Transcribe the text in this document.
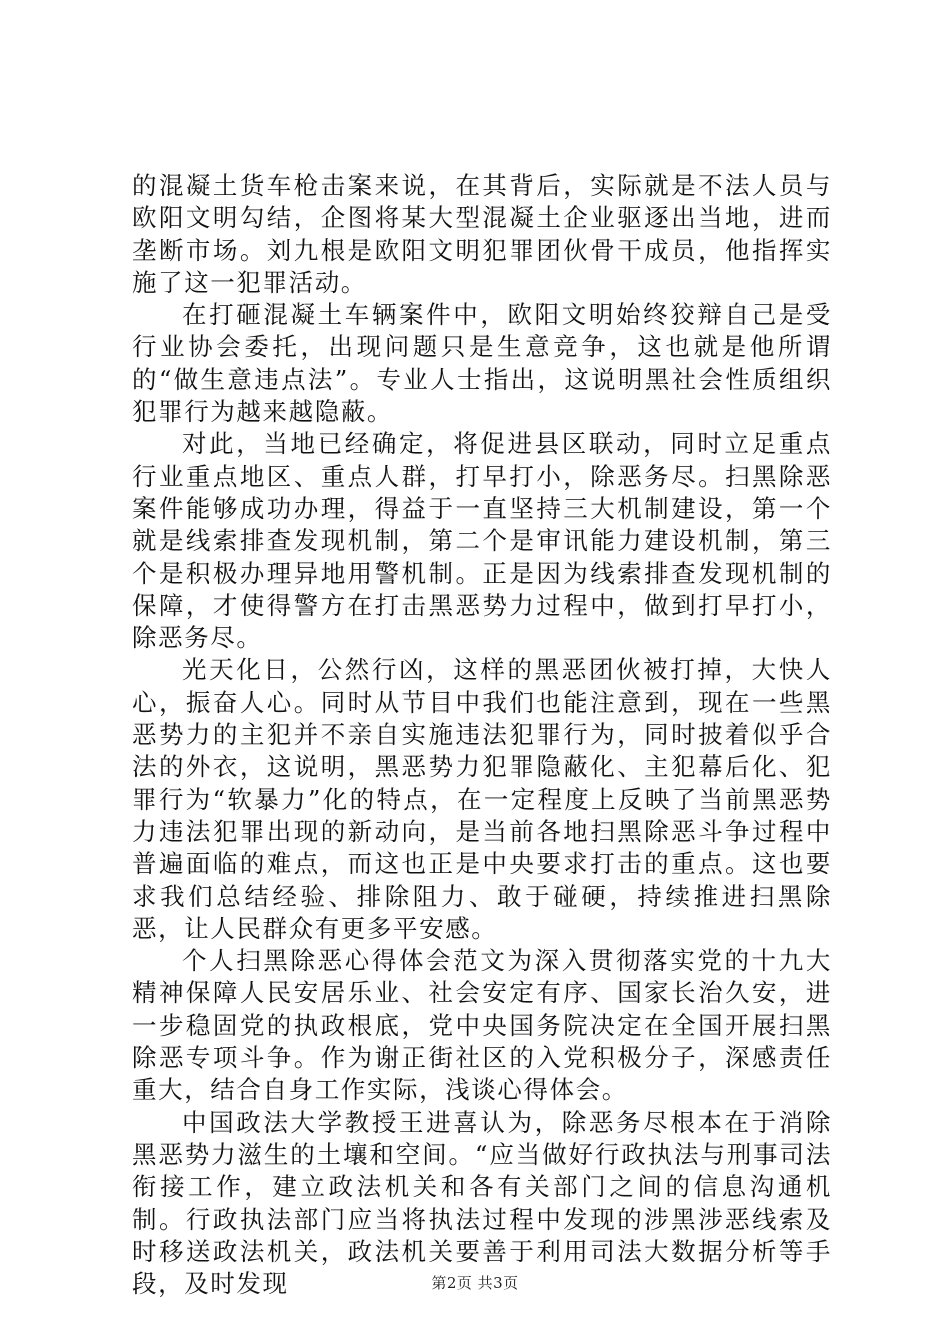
的混凝土货车枪击案来说，在其背后，实际就是不法人员与欧阳文明勾结，企图将某大型混凝土企业驱逐出当地，进而垄断市场。刘九根是欧阳文明犯罪团伙骨干成员，他指挥实施了这一犯罪活动。

在打砸混凝土车辆案件中，欧阳文明始终狡辩自己是受行业协会委托，出现问题只是生意竞争，这也就是他所谓的“做生意违点法”。专业人士指出，这说明黑社会性质组织犯罪行为越来越隐蔽。

对此，当地已经确定，将促进县区联动，同时立足重点行业重点地区、重点人群，打早打小，除恶务尽。扫黑除恶案件能够成功办理，得益于一直坚持三大机制建设，第一个就是线索排查发现机制，第二个是审讯能力建设机制，第三个是积极办理异地用警机制。正是因为线索排查发现机制的保障，才使得警方在打击黑恶势力过程中，做到打早打小，除恶务尽。

光天化日，公然行凶，这样的黑恶团伙被打掉，大快人心，振奋人心。同时从节目中我们也能注意到，现在一些黑恶势力的主犯并不亲自实施违法犯罪行为，同时披着似乎合法的外衣，这说明，黑恶势力犯罪隐蔽化、主犯幕后化、犯罪行为“软暴力”化的特点，在一定程度上反映了当前黑恶势力违法犯罪出现的新动向，是当前各地扫黑除恶斗争过程中普遍面临的难点，而这也正是中央要求打击的重点。这也要求我们总结经验、排除阻力、敢于碰硬，持续推进扫黑除恶，让人民群众有更多平安感。

个人扫黑除恶心得体会范文为深入贯彻落实党的十九大精神保障人民安居乐业、社会安定有序、国家长治久安，进一步稳固党的执政根底，党中央国务院决定在全国开展扫黑除恶专项斗争。作为谢正街社区的入党积极分子，深感责任重大，结合自身工作实际，浅谈心得体会。

中国政法大学教授王进喜认为，除恶务尽根本在于消除黑恶势力滋生的土壤和空间。“应当做好行政执法与刑事司法衔接工作，建立政法机关和各有关部门之间的信息沟通机制。行政执法部门应当将执法过程中发现的涉黑涉恶线索及时移送政法机关，政法机关要善于利用司法大数据分析等手段，及时发现	第2页 共3页
